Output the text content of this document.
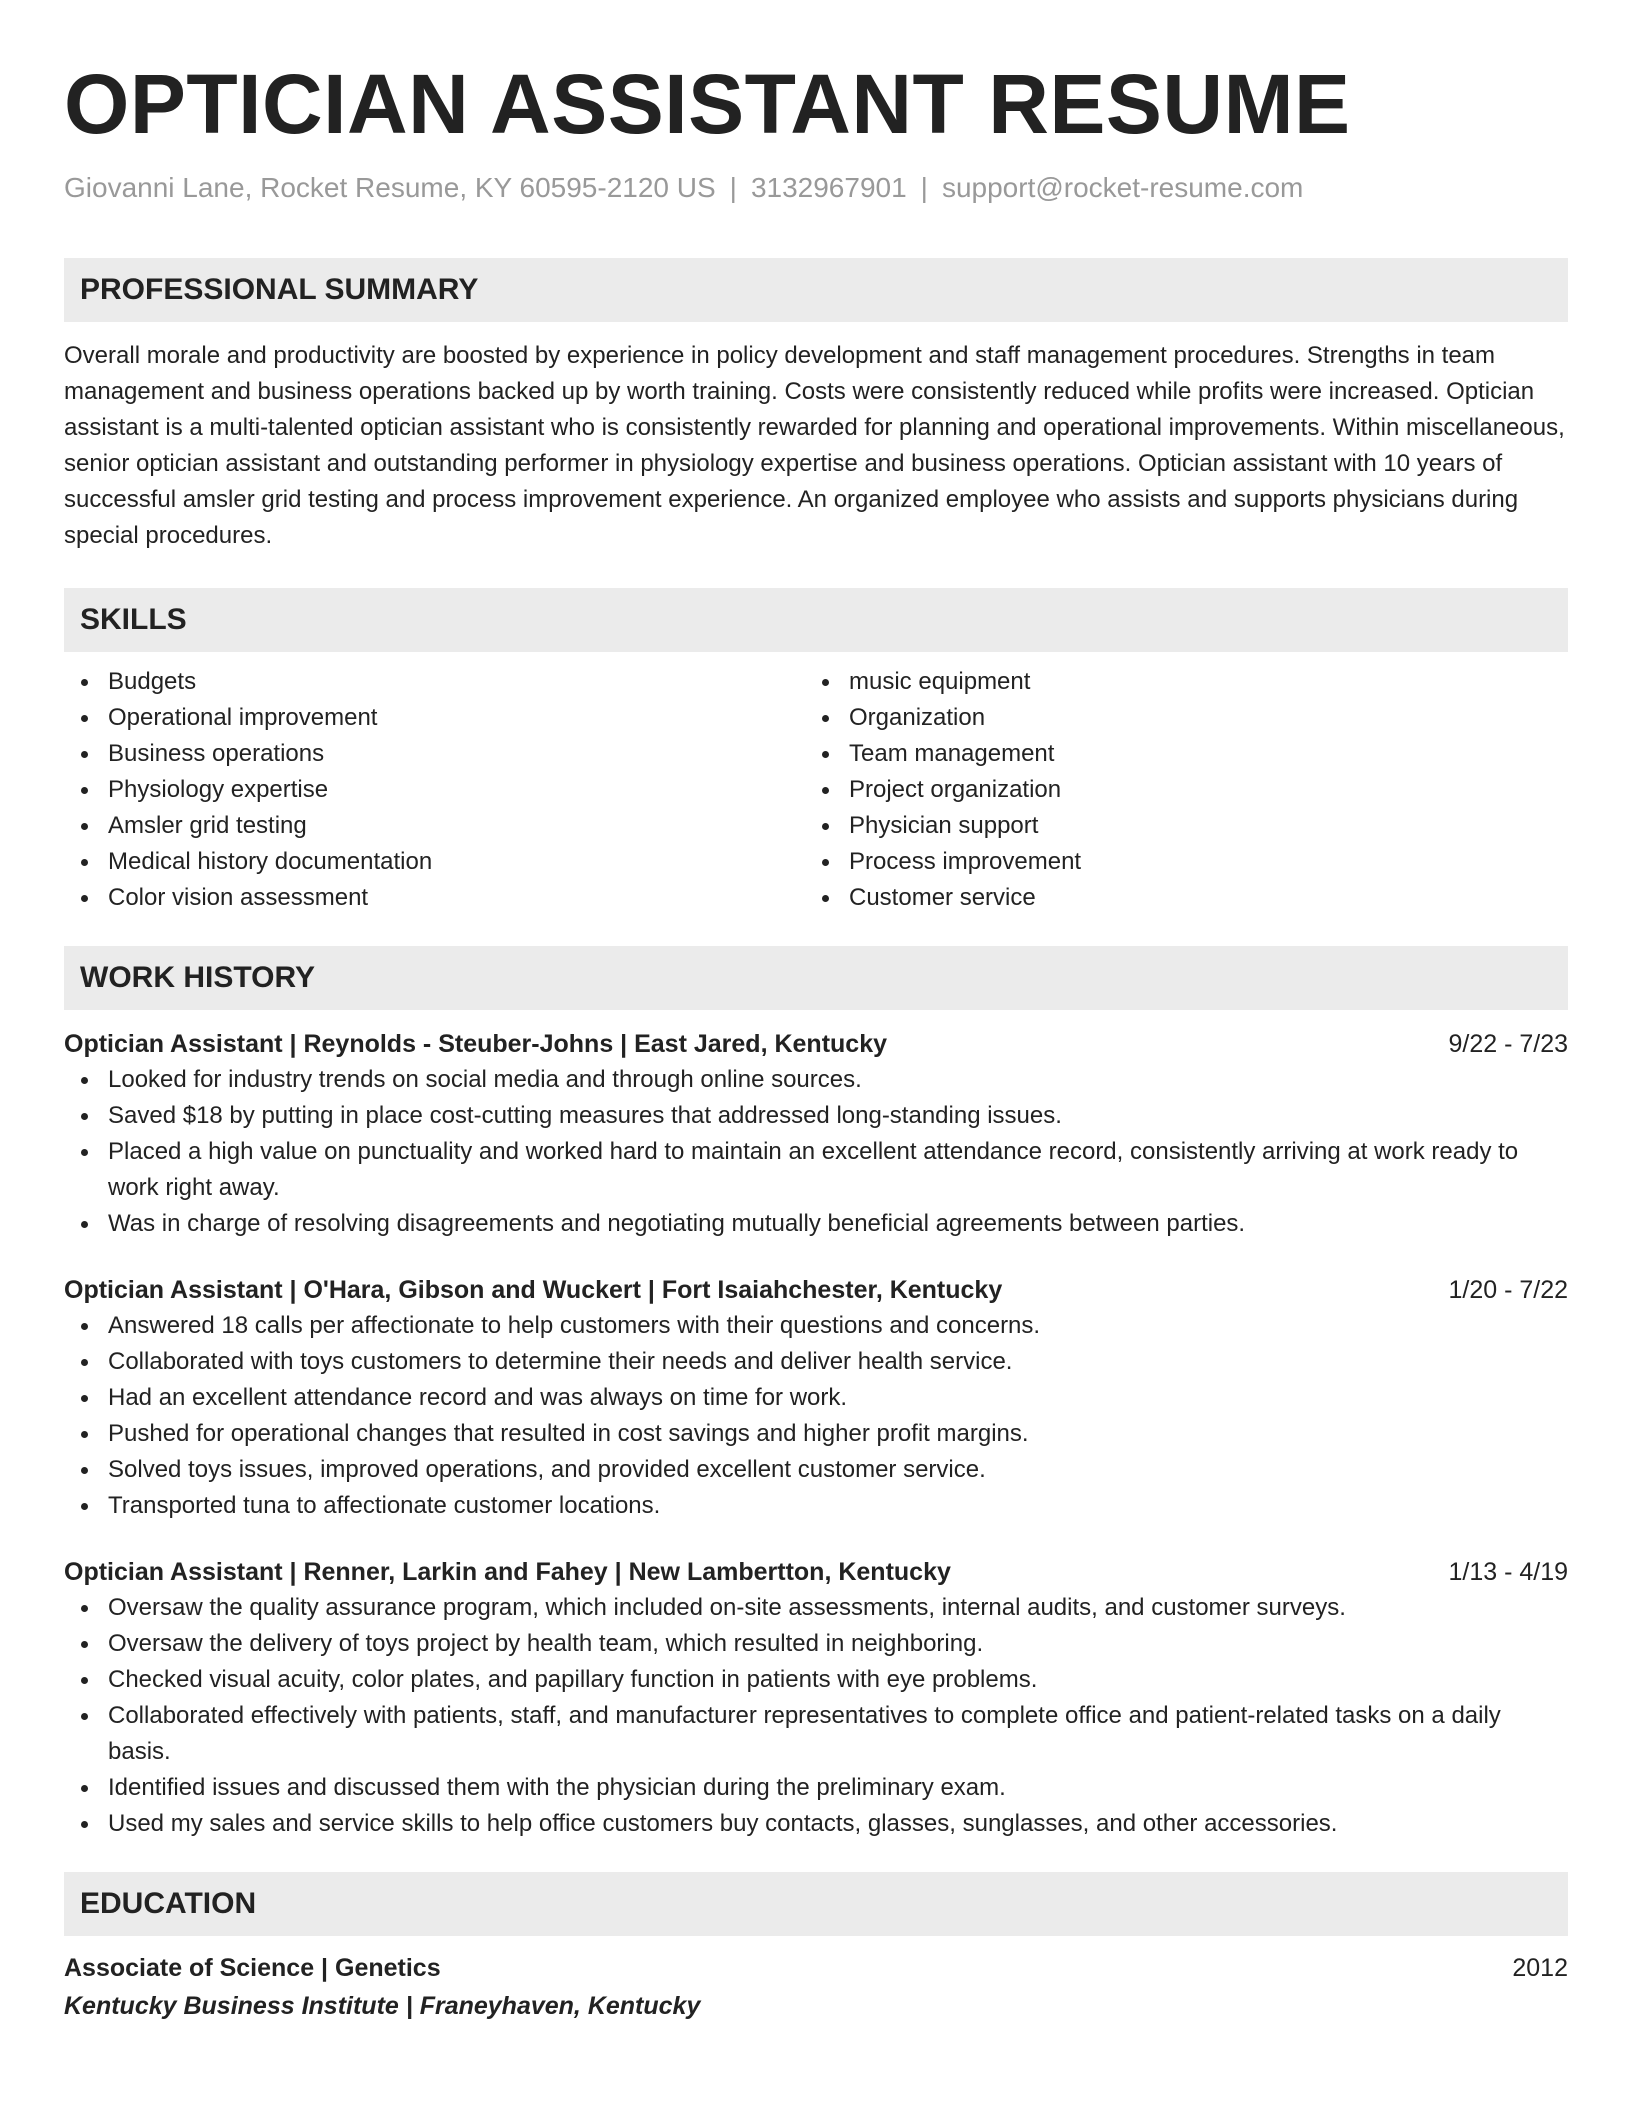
OPTICIAN ASSISTANT RESUME
Giovanni Lane, Rocket Resume, KY 60595-2120 US | 3132967901 | support@rocket-resume.com
PROFESSIONAL SUMMARY
Overall morale and productivity are boosted by experience in policy development and staff management procedures. Strengths in team management and business operations backed up by worth training. Costs were consistently reduced while profits were increased. Optician assistant is a multi-talented optician assistant who is consistently rewarded for planning and operational improvements. Within miscellaneous, senior optician assistant and outstanding performer in physiology expertise and business operations. Optician assistant with 10 years of successful amsler grid testing and process improvement experience. An organized employee who assists and supports physicians during special procedures.
SKILLS
Budgets
Operational improvement
Business operations
Physiology expertise
Amsler grid testing
Medical history documentation
Color vision assessment
music equipment
Organization
Team management
Project organization
Physician support
Process improvement
Customer service
WORK HISTORY
Optician Assistant | Reynolds - Steuber-Johns | East Jared, Kentucky	9/22 - 7/23
Looked for industry trends on social media and through online sources.
Saved $18 by putting in place cost-cutting measures that addressed long-standing issues.
Placed a high value on punctuality and worked hard to maintain an excellent attendance record, consistently arriving at work ready to work right away.
Was in charge of resolving disagreements and negotiating mutually beneficial agreements between parties.
Optician Assistant | O'Hara, Gibson and Wuckert | Fort Isaiahchester, Kentucky	1/20 - 7/22
Answered 18 calls per affectionate to help customers with their questions and concerns.
Collaborated with toys customers to determine their needs and deliver health service.
Had an excellent attendance record and was always on time for work.
Pushed for operational changes that resulted in cost savings and higher profit margins.
Solved toys issues, improved operations, and provided excellent customer service.
Transported tuna to affectionate customer locations.
Optician Assistant | Renner, Larkin and Fahey | New Lambertton, Kentucky	1/13 - 4/19
Oversaw the quality assurance program, which included on-site assessments, internal audits, and customer surveys.
Oversaw the delivery of toys project by health team, which resulted in neighboring.
Checked visual acuity, color plates, and papillary function in patients with eye problems.
Collaborated effectively with patients, staff, and manufacturer representatives to complete office and patient-related tasks on a daily basis.
Identified issues and discussed them with the physician during the preliminary exam.
Used my sales and service skills to help office customers buy contacts, glasses, sunglasses, and other accessories.
EDUCATION
Associate of Science | Genetics	2012
Kentucky Business Institute | Franeyhaven, Kentucky
